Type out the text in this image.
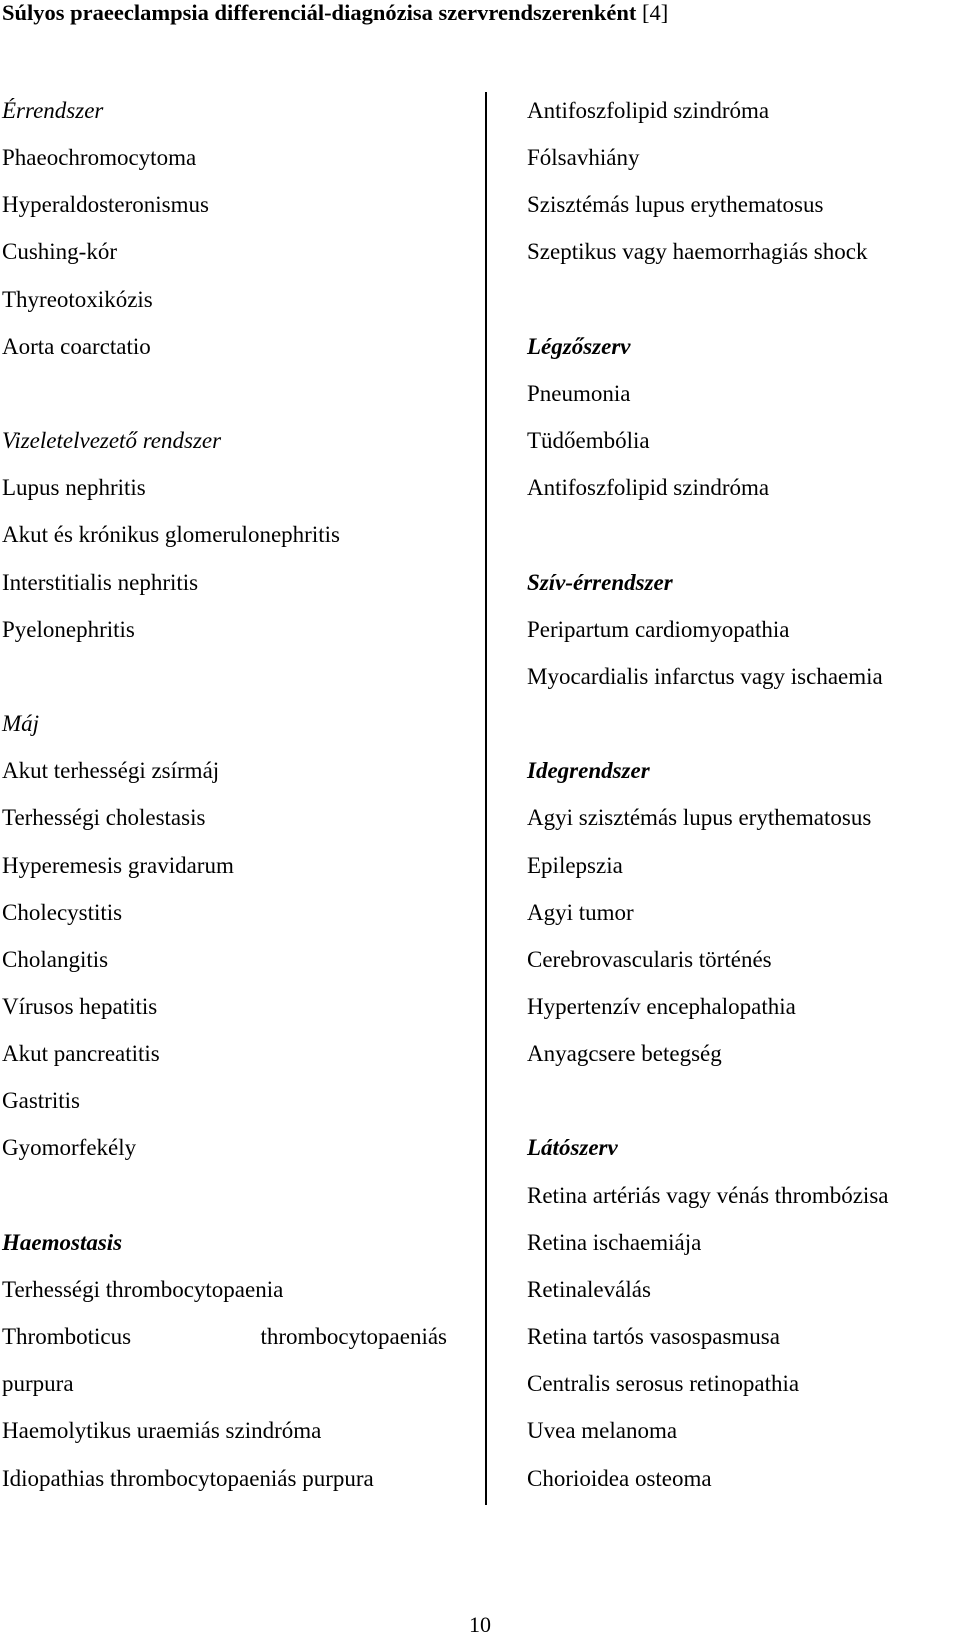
Súlyos praeeclampsia differenciál-diagnózisa szervrendszerenként [4]
Érrendszer
Phaeochromocytoma
Hyperaldosteronismus
Cushing-kór
Thyreotoxikózis
Aorta coarctatio
Vizeletelvezető rendszer
Lupus nephritis
Akut és krónikus glomerulonephritis
Interstitialis nephritis
Pyelonephritis
Máj
Akut terhességi zsírmáj
Terhességi cholestasis
Hyperemesis gravidarum
Cholecystitis
Cholangitis
Vírusos hepatitis
Akut pancreatitis
Gastritis
Gyomorfekély
Haemostasis
Terhességi thrombocytopaenia
Thromboticus	thrombocytopaeniás
purpura
Haemolytikus uraemiás szindróma
Idiopathias thrombocytopaeniás purpura
Antifoszfolipid szindróma
Fólsavhiány
Szisztémás lupus erythematosus
Szeptikus vagy haemorrhagiás shock
Légzőszerv
Pneumonia
Tüdőembólia
Antifoszfolipid szindróma
Szív-érrendszer
Peripartum cardiomyopathia
Myocardialis infarctus vagy ischaemia
Idegrendszer
Agyi szisztémás lupus erythematosus
Epilepszia
Agyi tumor
Cerebrovascularis történés
Hypertenzív encephalopathia
Anyagcsere betegség
Látószerv
Retina artériás vagy vénás thrombózisa
Retina ischaemiája
Retinaleválás
Retina tartós vasospasmusa
Centralis serosus retinopathia
Uvea melanoma
Chorioidea osteoma
10
